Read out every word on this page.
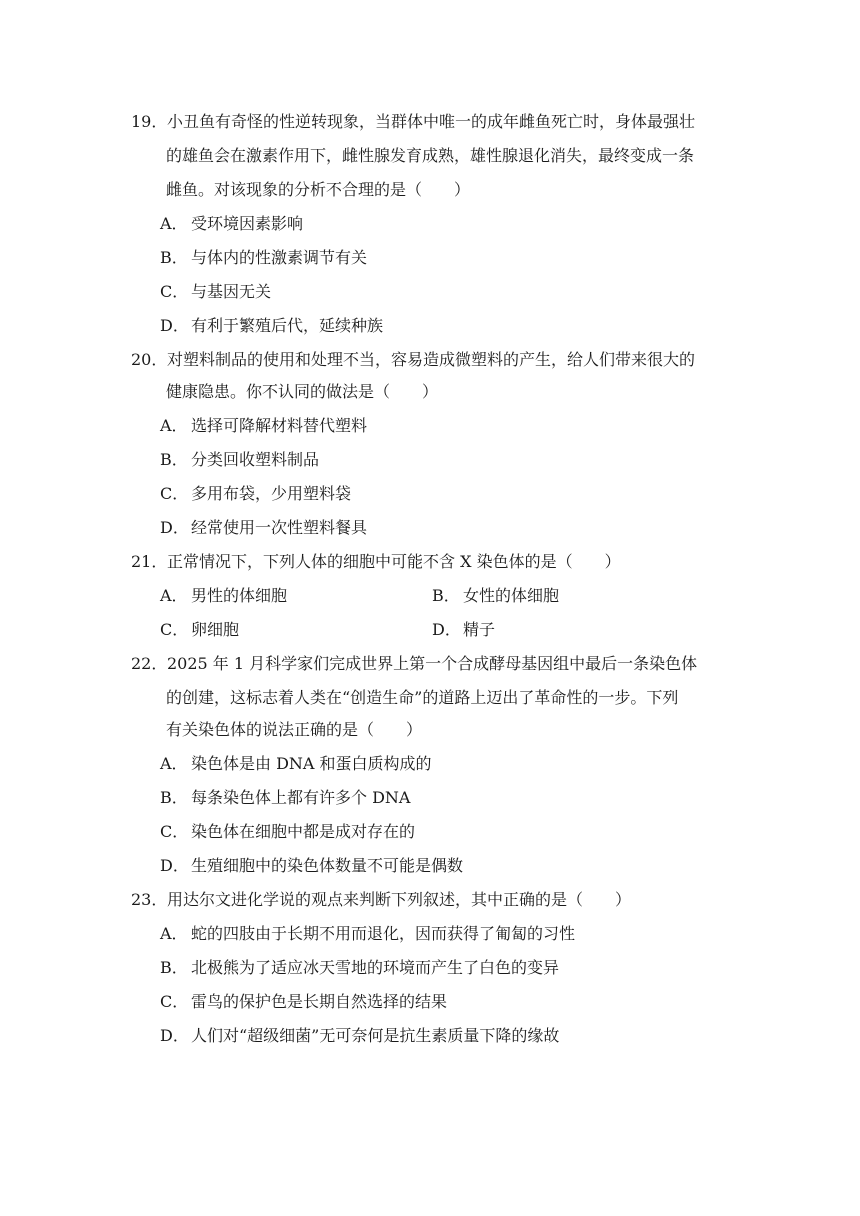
19．小丑鱼有奇怪的性逆转现象，当群体中唯一的成年雌鱼死亡时，身体最强壮
的雄鱼会在激素作用下，雌性腺发育成熟，雄性腺退化消失，最终变成一条
雌鱼。对该现象的分析不合理的是（　　）
A． 受环境因素影响
B． 与体内的性激素调节有关
C． 与基因无关
D． 有利于繁殖后代，延续种族
20．对塑料制品的使用和处理不当，容易造成微塑料的产生，给人们带来很大的
健康隐患。你不认同的做法是（　　）
A． 选择可降解材料替代塑料
B． 分类回收塑料制品
C． 多用布袋，少用塑料袋
D． 经常使用一次性塑料餐具
21．正常情况下，下列人体的细胞中可能不含 X 染色体的是（　　）
A． 男性的体细胞	B． 女性的体细胞
C． 卵细胞	D． 精子
22．2025 年 1 月科学家们完成世界上第一个合成酵母基因组中最后一条染色体
的创建，这标志着人类在“创造生命”的道路上迈出了革命性的一步。下列
有关染色体的说法正确的是（　　）
A． 染色体是由 DNA 和蛋白质构成的
B． 每条染色体上都有许多个 DNA
C． 染色体在细胞中都是成对存在的
D． 生殖细胞中的染色体数量不可能是偶数
23．用达尔文进化学说的观点来判断下列叙述，其中正确的是（　　）
A． 蛇的四肢由于长期不用而退化，因而获得了匍匐的习性
B． 北极熊为了适应冰天雪地的环境而产生了白色的变异
C． 雷鸟的保护色是长期自然选择的结果
D． 人们对“超级细菌”无可奈何是抗生素质量下降的缘故
